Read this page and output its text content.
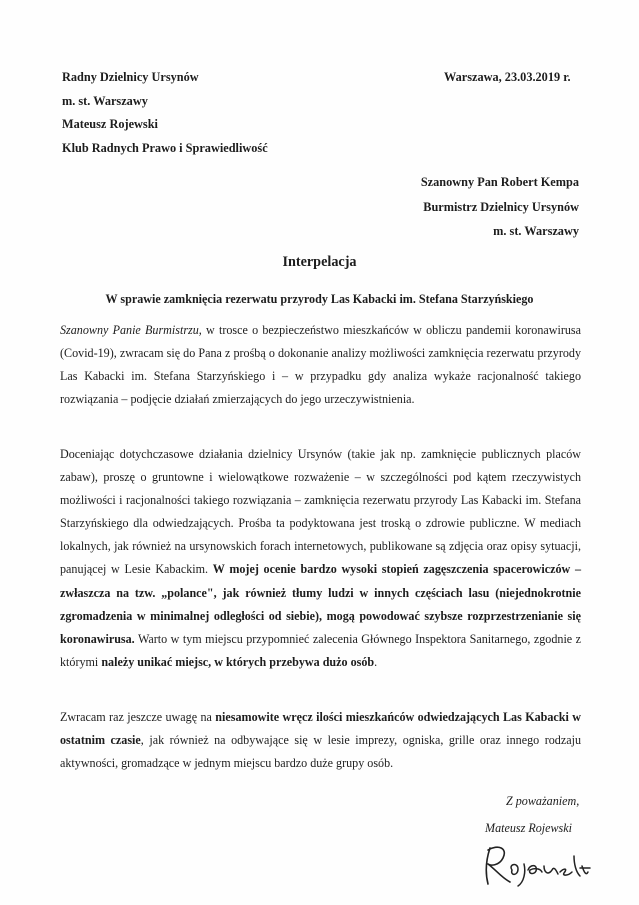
Radny Dzielnicy Ursynów
m. st. Warszawy
Mateusz Rojewski
Klub Radnych Prawo i Sprawiedliwość
Warszawa, 23.03.2019 r.
Szanowny Pan Robert Kempa
Burmistrz Dzielnicy Ursynów
m. st. Warszawy
Interpelacja
W sprawie zamknięcia rezerwatu przyrody Las Kabacki im. Stefana Starzyńskiego

Szanowny Panie Burmistrzu, w trosce o bezpieczeństwo mieszkańców w obliczu pandemii koronawirusa (Covid-19), zwracam się do Pana z prośbą o dokonanie analizy możliwości zamknięcia rezerwatu przyrody Las Kabacki im. Stefana Starzyńskiego i – w przypadku gdy analiza wykaże racjonalność takiego rozwiązania – podjęcie działań zmierzających do jego urzeczywistnienia.

Doceniając dotychczasowe działania dzielnicy Ursynów (takie jak np. zamknięcie publicznych placów zabaw), proszę o gruntowne i wielowątkowe rozważenie – w szczególności pod kątem rzeczywistych możliwości i racjonalności takiego rozwiązania – zamknięcia rezerwatu przyrody Las Kabacki im. Stefana Starzyńskiego dla odwiedzających. Prośba ta podyktowana jest troską o zdrowie publiczne. W mediach lokalnych, jak również na ursynowskich forach internetowych, publikowane są zdjęcia oraz opisy sytuacji, panującej w Lesie Kabackim. W mojej ocenie bardzo wysoki stopień zagęszczenia spacerowiczów – zwłaszcza na tzw. „polance", jak również tłumy ludzi w innych częściach lasu (niejednokrotnie zgromadzenia w minimalnej odległości od siebie), mogą powodować szybsze rozprzestrzenianie się koronawirusa. Warto w tym miejscu przypomnieć zalecenia Głównego Inspektora Sanitarnego, zgodnie z którymi należy unikać miejsc, w których przebywa dużo osób.

Zwracam raz jeszcze uwagę na niesamowite wręcz ilości mieszkańców odwiedzających Las Kabacki w ostatnim czasie, jak również na odbywające się w lesie imprezy, ogniska, grille oraz innego rodzaju aktywności, gromadzące w jednym miejscu bardzo duże grupy osób.

Z poważaniem,
Mateusz Rojewski
